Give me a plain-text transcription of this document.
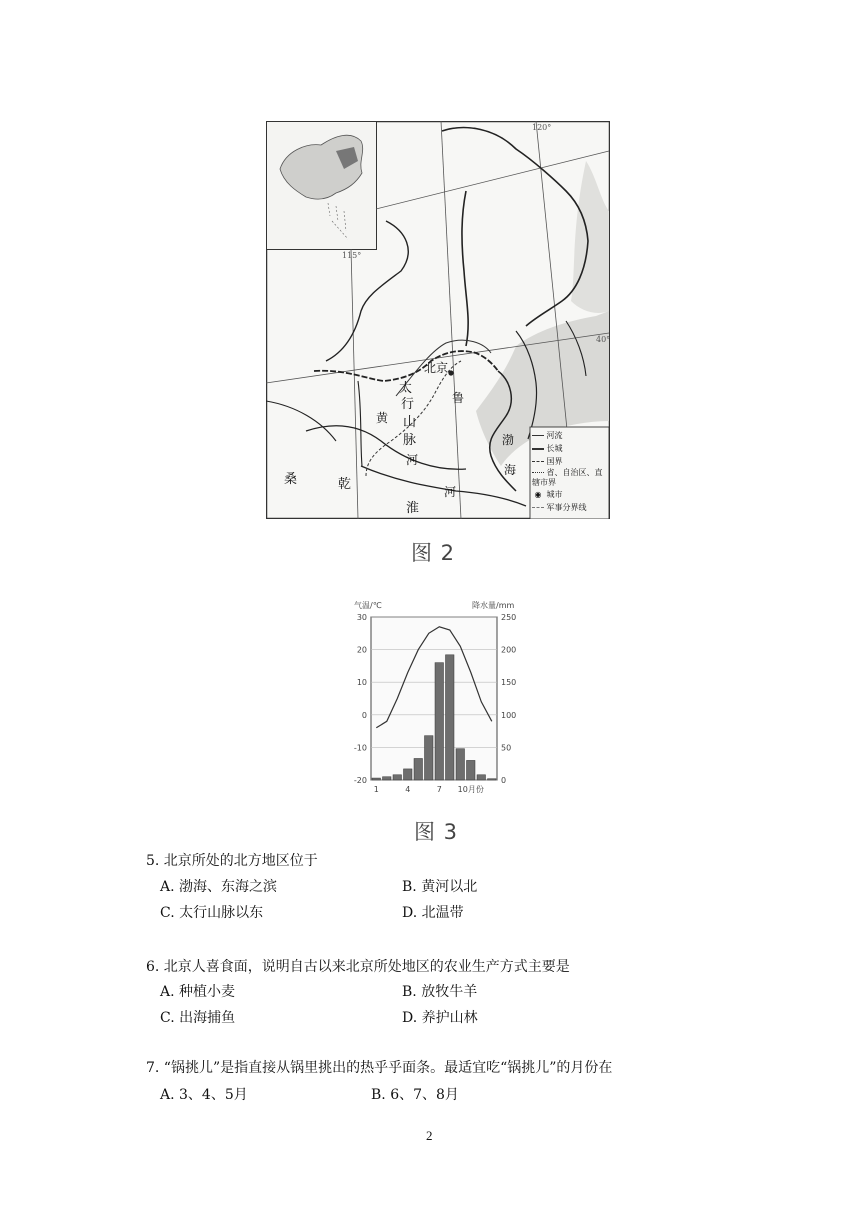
北京
太
行
山
脉
黄
河
鲁
渤
海
桑	乾
淮
河
115°
120°
40°
河流
长城
国界
省、自治区、直辖市界
◉ 城市
军事分界线
图 2
-20
-10
0
10
20
30
0
50
100
150
200
250
1	4	7 10月份
气温/℃	降水量/mm
图 3
5. 北京所处的北方地区位于
A. 渤海、东海之滨	B. 黄河以北
C. 太行山脉以东	D. 北温带
6. 北京人喜食面，说明自古以来北京所处地区的农业生产方式主要是
A. 种植小麦	B. 放牧牛羊
C. 出海捕鱼	D. 养护山林
7. “锅挑儿”是指直接从锅里挑出的热乎乎面条。最适宜吃“锅挑儿”的月份在
A. 3、4、5月	B. 6、7、8月
2
